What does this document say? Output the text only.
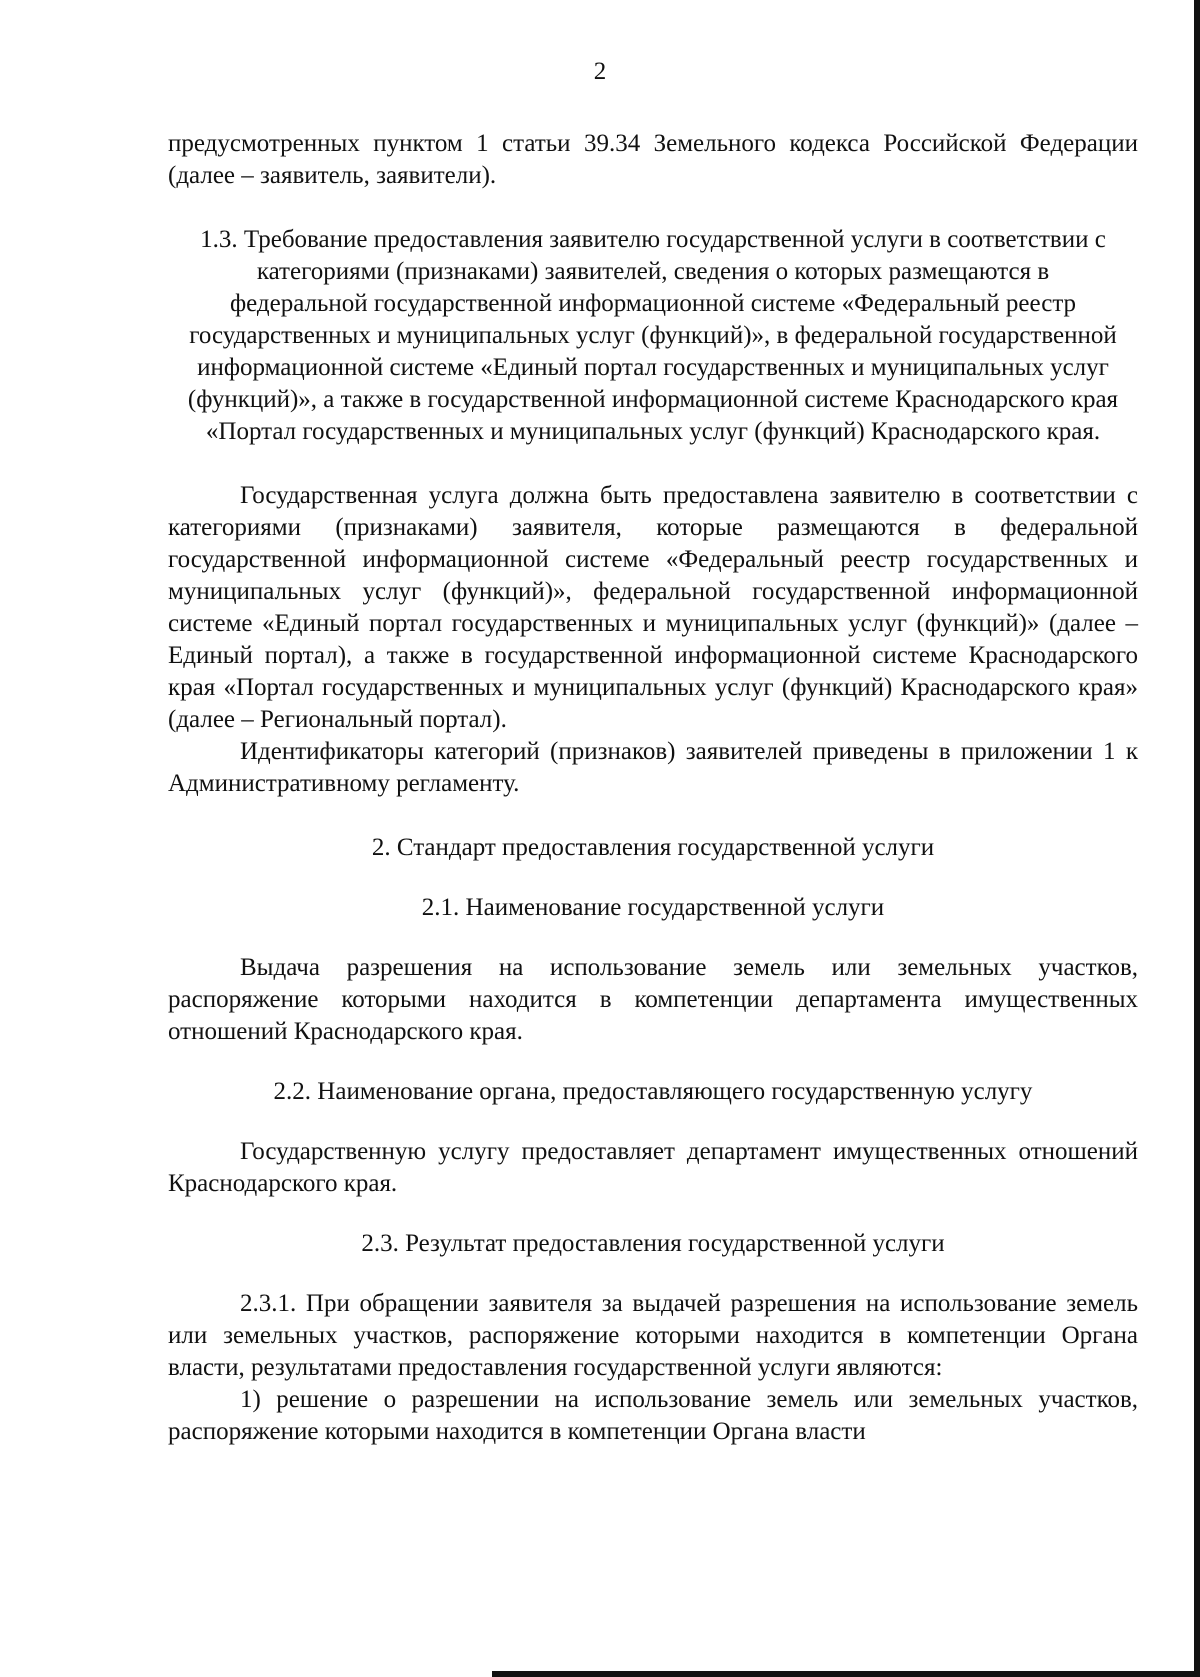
2

предусмотренных пунктом 1 статьи 39.34 Земельного кодекса Российской Федерации (далее – заявитель, заявители).

1.3. Требование предоставления заявителю государственной услуги в соответствии с категориями (признаками) заявителей, сведения о которых размещаются в федеральной государственной информационной системе «Федеральный реестр государственных и муниципальных услуг (функций)», в федеральной государственной информационной системе «Единый портал государственных и муниципальных услуг (функций)», а также в государственной информационной системе Краснодарского края «Портал государственных и муниципальных услуг (функций) Краснодарского края.

Государственная услуга должна быть предоставлена заявителю в соответствии с категориями (признаками) заявителя, которые размещаются в федеральной государственной информационной системе «Федеральный реестр государственных и муниципальных услуг (функций)», федеральной государственной информационной системе «Единый портал государственных и муниципальных услуг (функций)» (далее – Единый портал), а также в государственной информационной системе Краснодарского края «Портал государственных и муниципальных услуг (функций) Краснодарского края» (далее – Региональный портал).

Идентификаторы категорий (признаков) заявителей приведены в приложении 1 к Административному регламенту.

2. Стандарт предоставления государственной услуги

2.1. Наименование государственной услуги

Выдача разрешения на использование земель или земельных участков, распоряжение которыми находится в компетенции департамента имущественных отношений Краснодарского края.

2.2. Наименование органа, предоставляющего государственную услугу

Государственную услугу предоставляет департамент имущественных отношений Краснодарского края.

2.3. Результат предоставления государственной услуги

2.3.1. При обращении заявителя за выдачей разрешения на использование земель или земельных участков, распоряжение которыми находится в компетенции Органа власти, результатами предоставления государственной услуги являются:

1) решение о разрешении на использование земель или земельных участков, распоряжение которыми находится в компетенции Органа власти
